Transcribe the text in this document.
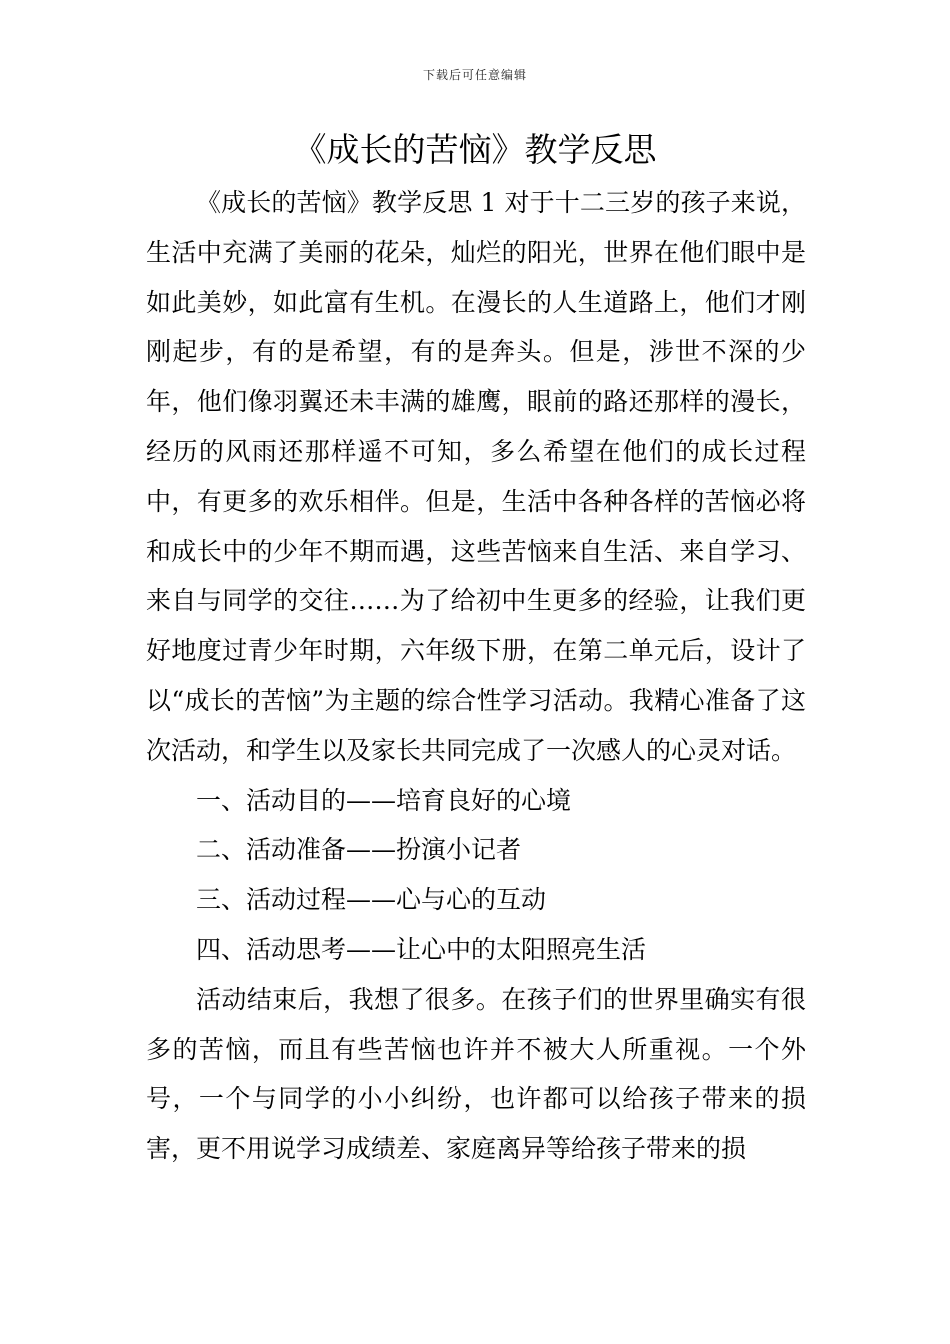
下载后可任意编辑
《成长的苦恼》教学反思

《成长的苦恼》教学反思 1 对于十二三岁的孩子来说，生活中充满了美丽的花朵，灿烂的阳光，世界在他们眼中是如此美妙，如此富有生机。在漫长的人生道路上，他们才刚刚起步，有的是希望，有的是奔头。但是，涉世不深的少年，他们像羽翼还未丰满的雄鹰，眼前的路还那样的漫长，经历的风雨还那样遥不可知，多么希望在他们的成长过程中，有更多的欢乐相伴。但是，生活中各种各样的苦恼必将和成长中的少年不期而遇，这些苦恼来自生活、来自学习、来自与同学的交往……为了给初中生更多的经验，让我们更好地度过青少年时期，六年级下册，在第二单元后，设计了以“成长的苦恼”为主题的综合性学习活动。我精心准备了这次活动，和学生以及家长共同完成了一次感人的心灵对话。

一、活动目的——培育良好的心境

二、活动准备——扮演小记者

三、活动过程——心与心的互动

四、活动思考——让心中的太阳照亮生活

活动结束后，我想了很多。在孩子们的世界里确实有很多的苦恼，而且有些苦恼也许并不被大人所重视。一个外号，一个与同学的小小纠纷，也许都可以给孩子带来的损害，更不用说学习成绩差、家庭离异等给孩子带来的损
